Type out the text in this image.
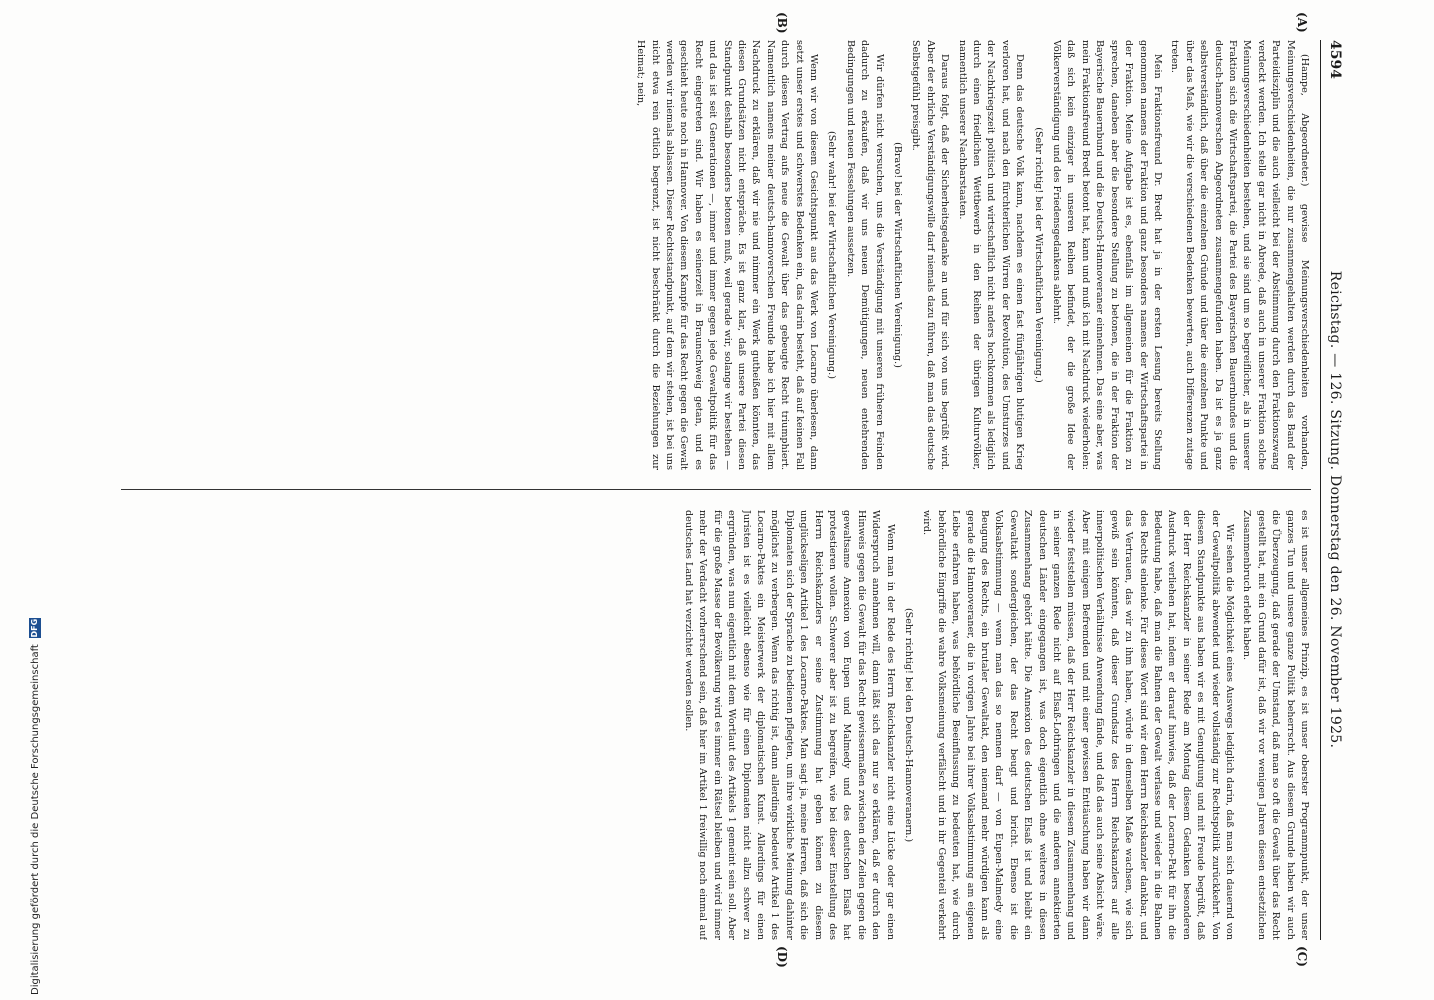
4594
Reichstag. — 126. Sitzung. Donnerstag den 26. November 1925.
(A)
(B)
(C)
(D)

(Hampe, Abgeordneter.) gewisse Meinungsverschiedenheiten vorhanden, Meinungsverschiedenheiten, die nur zusammengehalten werden durch das Band der Parteidisziplin und die auch vielleicht bei der Abstimmung durch den Fraktionszwang verdeckt werden. Ich stelle gar nicht in Abrede, daß auch in unserer Fraktion solche Meinungsverschiedenheiten bestehen, und sie sind um so begreiflicher, als in unserer Fraktion sich die Wirtschaftspartei, die Partei des Bayerischen Bauernbundes und die deutsch-hannoverschen Abgeordneten zusammengefunden haben. Da ist es ja ganz selbstverständlich, daß über die einzelnen Gründe und über die einzelnen Punkte und über das Maß, wie wir die verschiedenen Bedenken bewerten, auch Differenzen zutage treten.

Mein Fraktionsfreund Dr. Bredt hat ja in der ersten Lesung bereits Stellung genommen namens der Fraktion und ganz besonders namens der Wirtschaftspartei in der Fraktion. Meine Aufgabe ist es, ebenfalls im allgemeinen für die Fraktion zu sprechen, daneben aber die besondere Stellung zu betonen, die in der Fraktion der Bayerische Bauernbund und die Deutsch-Hannoveraner einnehmen. Das eine aber, was mein Fraktionsfreund Bredt betont hat, kann und muß ich mit Nachdruck wiederholen: daß sich kein einziger in unseren Reihen befindet, der die große Idee der Völkerverständigung und des Friedensgedankens ablehnt.

(Sehr richtig! bei der Wirtschaftlichen Vereinigung.)

Denn das deutsche Volk kann, nachdem es einen fast fünfjährigen blutigen Krieg verloren hat, und nach den fürchterlichen Wirren der Revolution, des Umsturzes und der Nachkriegszeit politisch und wirtschaftlich nicht anders hochkommen als lediglich durch einen friedlichen Wettbewerb in den Reihen der übrigen Kulturvölker, namentlich unserer Nachbarstaaten.

Daraus folgt, daß der Sicherheitsgedanke an und für sich von uns begrüßt wird. Aber der ehrliche Verständigungswille darf niemals dazu führen, daß man das deutsche Selbstgefühl preisgibt.

(Bravo! bei der Wirtschaftlichen Vereinigung.)

Wir dürfen nicht versuchen, uns die Verständigung mit unseren früheren Feinden dadurch zu erkaufen, daß wir uns neuen Demütigungen, neuen entehrenden Bedingungen und neuen Fesselungen aussetzen.

(Sehr wahr! bei der Wirtschaftlichen Vereinigung.)

Wenn wir von diesem Gesichtspunkt aus das Werk von Locarno überlesen, dann setzt unser erstes und schwerstes Bedenken ein, das darin besteht, daß auf keinen Fall durch diesen Vertrag aufs neue die Gewalt über das gebeugte Recht triumphiert. Namentlich namens meiner deutsch-hannoverschen Freunde habe ich hier mit allem Nachdruck zu erklären, daß wir nie und nimmer ein Werk gutheißen könnten, das diesen Grundsätzen nicht entspräche. Es ist ganz klar, daß unsere Partei diesen Standpunkt deshalb besonders betonen muß, weil gerade wir, solange wir bestehen — und das ist seit Generationen —, immer und immer gegen jede Gewaltpolitik für das Recht eingetreten sind. Wir haben es seinerzeit in Braunschweig getan, und es geschieht heute noch in Hannover. Von diesem Kampfe für das Recht gegen die Gewalt werden wir niemals ablassen. Dieser Rechtsstandpunkt, auf dem wir stehen, ist bei uns nicht etwa rein örtlich begrenzt, ist nicht beschränkt durch die Beziehungen zur Heimat; nein,

es ist unser allgemeines Prinzip, es ist unser oberster Programmpunkt, der unser ganzes Tun und unsere ganze Politik beherrscht. Aus diesem Grunde haben wir auch die Überzeugung, daß gerade der Umstand, daß man so oft die Gewalt über das Recht gestellt hat, mit ein Grund dafür ist, daß wir vor wenigen Jahren diesen entsetzlichen Zusammenbruch erlebt haben.

Wir sehen die Möglichkeit eines Auswegs lediglich darin, daß man sich dauernd von der Gewaltpolitik abwendet und wieder vollständig zur Rechtspolitik zurückkehrt. Von diesem Standpunkte aus haben wir es mit Genugtuung und mit Freude begrüßt, daß der Herr Reichskanzler in seiner Rede am Montag diesem Gedanken besonderen Ausdruck verliehen hat, indem er darauf hinwies, daß der Locarno-Pakt für ihn die Bedeutung habe, daß man die Bahnen der Gewalt verlasse und wieder in die Bahnen des Rechts einlenke. Für dieses Wort sind wir dem Herrn Reichskanzler dankbar, und das Vertrauen, das wir zu ihm haben, würde in demselben Maße wachsen, wie sich gewiß sein könnten, daß dieser Grundsatz des Herrn Reichskanzlers auf alle innerpolitischen Verhältnisse Anwendung fände, und daß das auch seine Absicht wäre. Aber mit einigem Befremden und mit einer gewissen Enttäuschung haben wir dann wieder feststellen müssen, daß der Herr Reichskanzler in diesem Zusammenhang und in seiner ganzen Rede nicht auf Elsaß-Lothringen und die anderen annektierten deutschen Länder eingegangen ist, was doch eigentlich ohne weiteres in diesen Zusammenhang gehört hätte. Die Annexion des deutschen Elsaß ist und bleibt ein Gewaltakt sondergleichen, der das Recht beugt und bricht. Ebenso ist die Volksabstimmung — wenn man das so nennen darf — von Eupen-Malmedy eine Beugung des Rechts, ein brutaler Gewaltakt, den niemand mehr würdigen kann als gerade die Hannoveraner, die in vorigen Jahre bei ihrer Volksabstimmung am eigenen Leibe erfahren haben, was behördliche Beeinflussung zu bedeuten hat, wie durch behördliche Eingriffe die wahre Volksmeinung verfälscht und in ihr Gegenteil verkehrt wird.

(Sehr richtig! bei den Deutsch-Hannoveranern.)

Wenn man in der Rede des Herrn Reichskanzler nicht eine Lücke oder gar einen Widerspruch annehmen will, dann läßt sich das nur so erklären, daß er durch den Hinweis gegen die Gewalt für das Recht gewissermaßen zwischen den Zeilen gegen die gewaltsame Annexion von Eupen und Malmedy und des deutschen Elsaß hat protestieren wollen. Schwerer aber ist zu begreifen, wie bei dieser Einstellung des Herrn Reichskanzlers er seine Zustimmung hat geben können zu diesem unglückseligen Artikel 1 des Locarno-Paktes. Man sagt ja, meine Herren, daß sich die Diplomaten sich der Sprache zu bedienen pflegten, um ihre wirkliche Meinung dahinter möglichst zu verbergen. Wenn das richtig ist, dann allerdings bedeutet Artikel 1 des Locarno-Paktes ein Meisterwerk der diplomatischen Kunst. Allerdings für einen Juristen ist es vielleicht ebenso wie für einen Diplomaten nicht allzu schwer zu ergründen, was nun eigentlich mit dem Wortlaut des Artikels 1 gemeint sein soll. Aber für die große Masse der Bevölkerung wird es immer ein Rätsel bleiben und wird immer mehr der Verdacht vorherrschend sein, daß hier im Artikel 1 freiwillig noch einmal auf deutsches Land hat verzichtet werden sollen.

Digitalisierung gefördert durch die Deutsche Forschungsgemeinschaft
DFG
